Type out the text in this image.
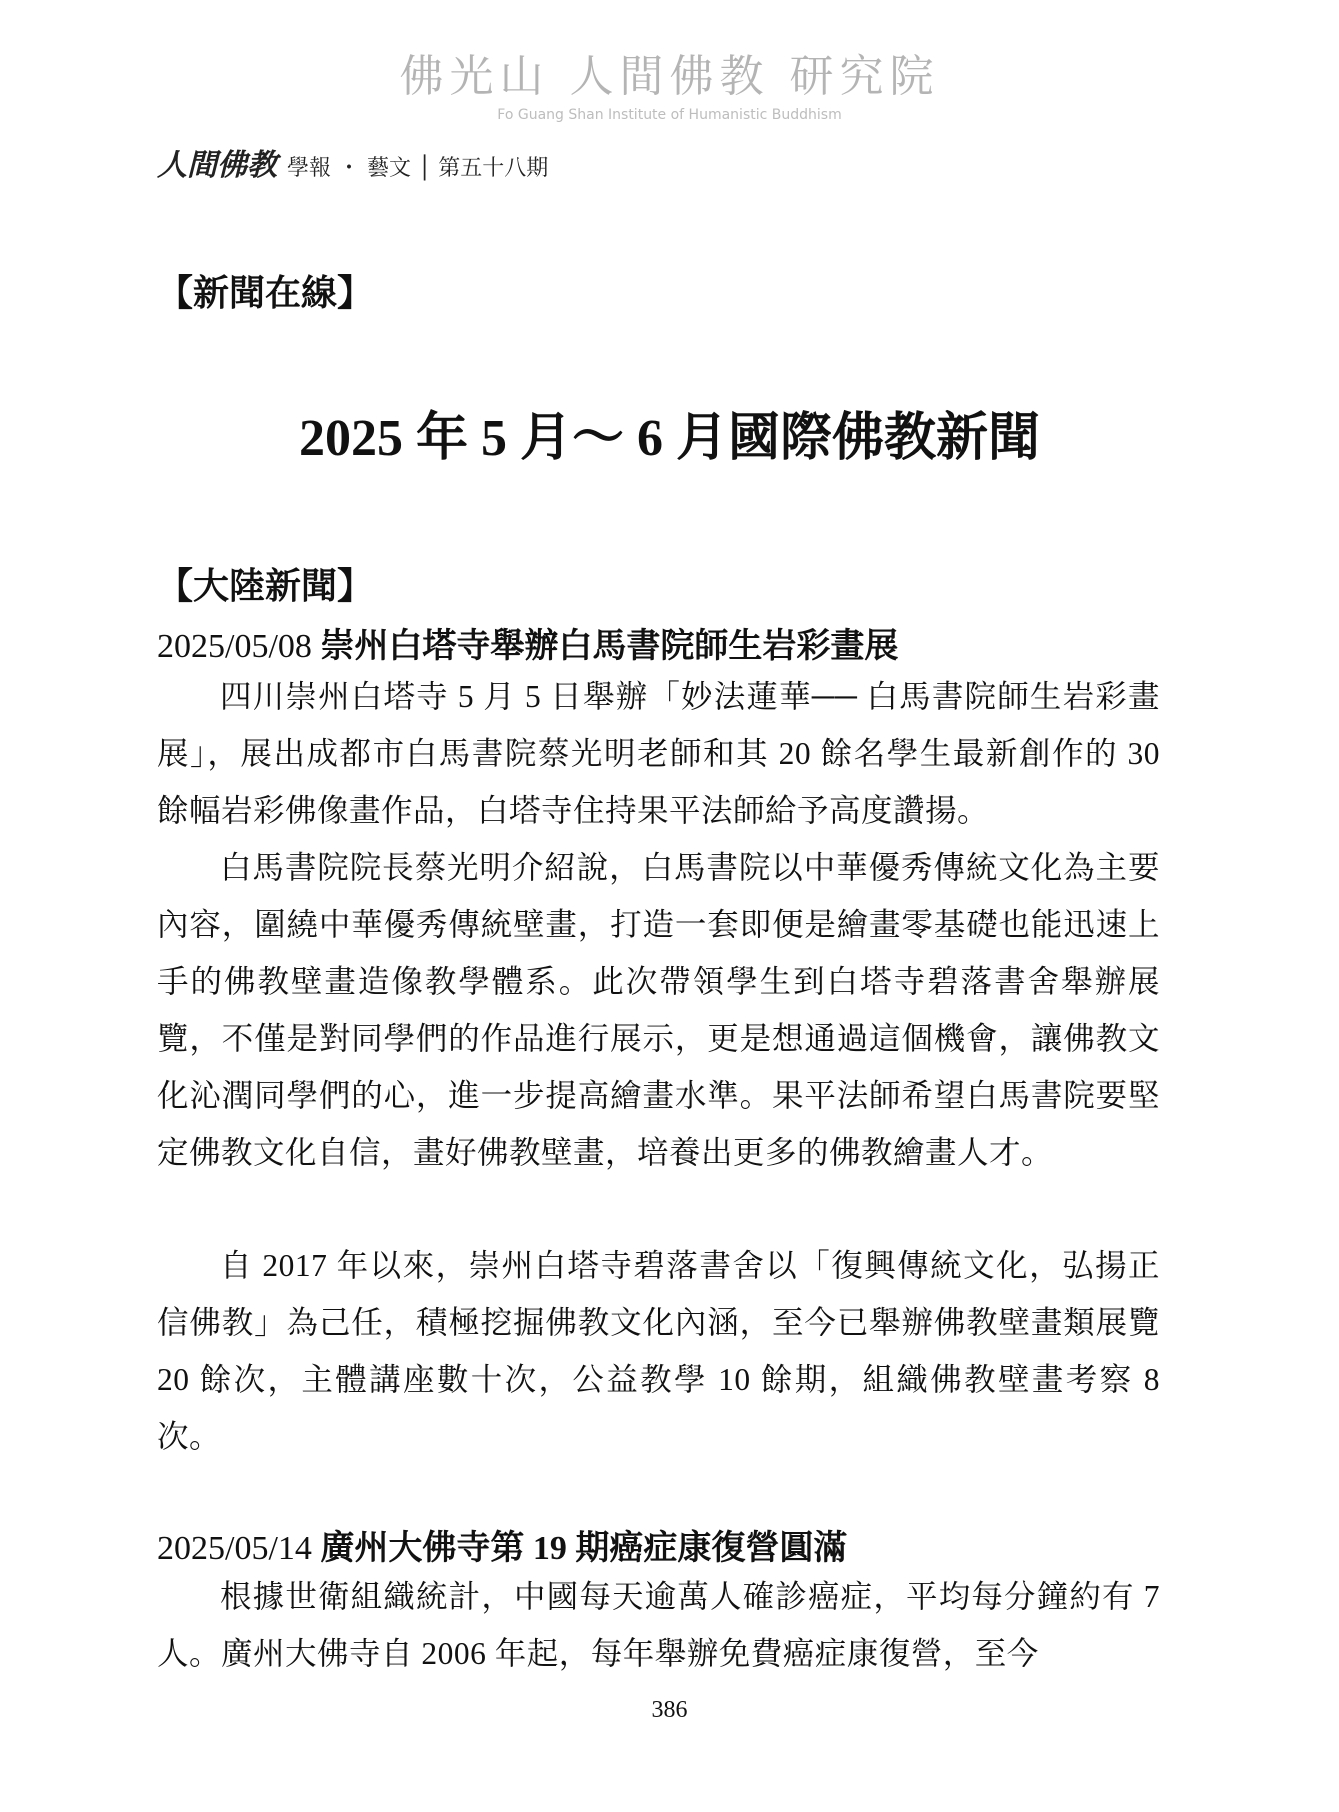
佛光山 人間佛教 研究院
Fo Guang Shan Institute of Humanistic Buddhism
人間佛教 學報 ・ 藝文 │ 第五十八期
【新聞在線】
2025 年 5 月～ 6 月國際佛教新聞
【大陸新聞】
2025/05/08 崇州白塔寺舉辦白馬書院師生岩彩畫展

四川崇州白塔寺 5 月 5 日舉辦「妙法蓮華── 白馬書院師生岩彩畫展」，展出成都市白馬書院蔡光明老師和其 20 餘名學生最新創作的 30 餘幅岩彩佛像畫作品，白塔寺住持果平法師給予高度讚揚。

白馬書院院長蔡光明介紹說，白馬書院以中華優秀傳統文化為主要內容，圍繞中華優秀傳統壁畫，打造一套即便是繪畫零基礎也能迅速上手的佛教壁畫造像教學體系。此次帶領學生到白塔寺碧落書舍舉辦展覽，不僅是對同學們的作品進行展示，更是想通過這個機會，讓佛教文化沁潤同學們的心，進一步提高繪畫水準。果平法師希望白馬書院要堅定佛教文化自信，畫好佛教壁畫，培養出更多的佛教繪畫人才。

自 2017 年以來，崇州白塔寺碧落書舍以「復興傳統文化，弘揚正信佛教」為己任，積極挖掘佛教文化內涵，至今已舉辦佛教壁畫類展覽 20 餘次，主體講座數十次，公益教學 10 餘期，組織佛教壁畫考察 8 次。

2025/05/14 廣州大佛寺第 19 期癌症康復營圓滿

根據世衛組織統計，中國每天逾萬人確診癌症，平均每分鐘約有 7 人。廣州大佛寺自 2006 年起，每年舉辦免費癌症康復營，至今

386
